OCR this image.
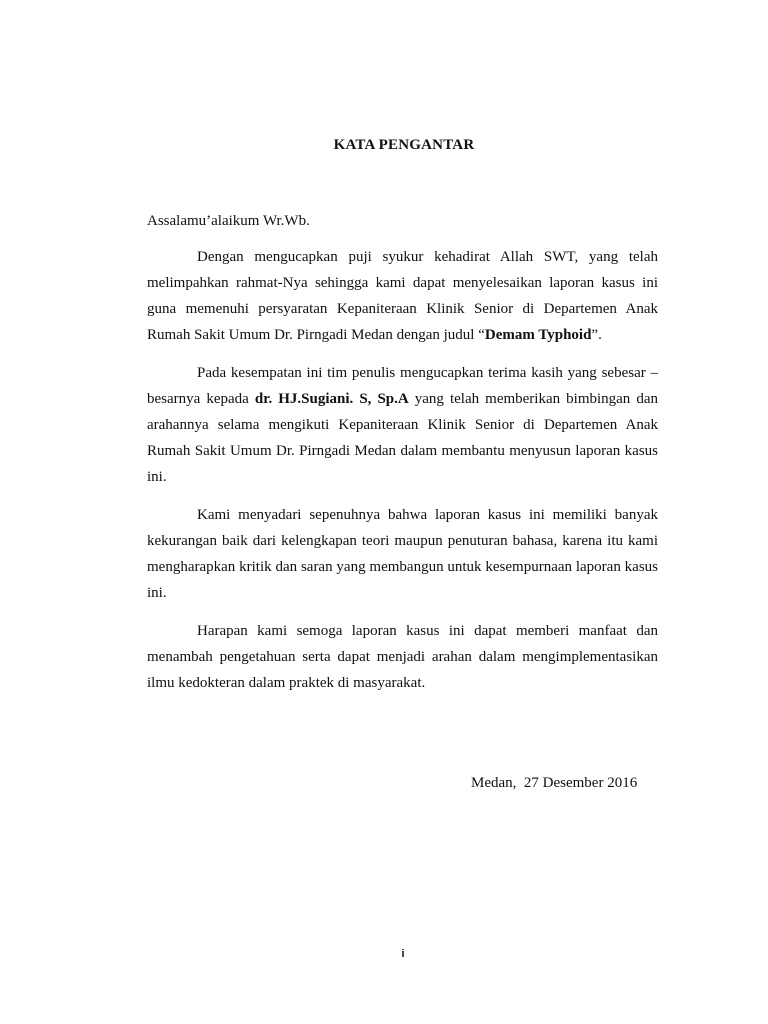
KATA PENGANTAR

Assalamu’alaikum Wr.Wb.

Dengan mengucapkan puji syukur kehadirat Allah SWT, yang telah melimpahkan rahmat-Nya sehingga kami dapat menyelesaikan laporan kasus ini guna memenuhi persyaratan Kepaniteraan Klinik Senior di Departemen Anak Rumah Sakit Umum Dr. Pirngadi Medan dengan judul “Demam Typhoid”.

Pada kesempatan ini tim penulis mengucapkan terima kasih yang sebesar – besarnya kepada dr. HJ.Sugiani. S, Sp.A yang telah memberikan bimbingan dan arahannya selama mengikuti Kepaniteraan Klinik Senior di Departemen Anak Rumah Sakit Umum Dr. Pirngadi Medan dalam membantu menyusun laporan kasus ini.

Kami menyadari sepenuhnya bahwa laporan kasus ini memiliki banyak kekurangan baik dari kelengkapan teori maupun penuturan bahasa, karena itu kami mengharapkan kritik dan saran yang membangun untuk kesempurnaan laporan kasus ini.

Harapan kami semoga laporan kasus ini dapat memberi manfaat dan menambah pengetahuan serta dapat menjadi arahan dalam mengimplementasikan ilmu kedokteran dalam praktek di masyarakat.

Medan,  27 Desember 2016
i
